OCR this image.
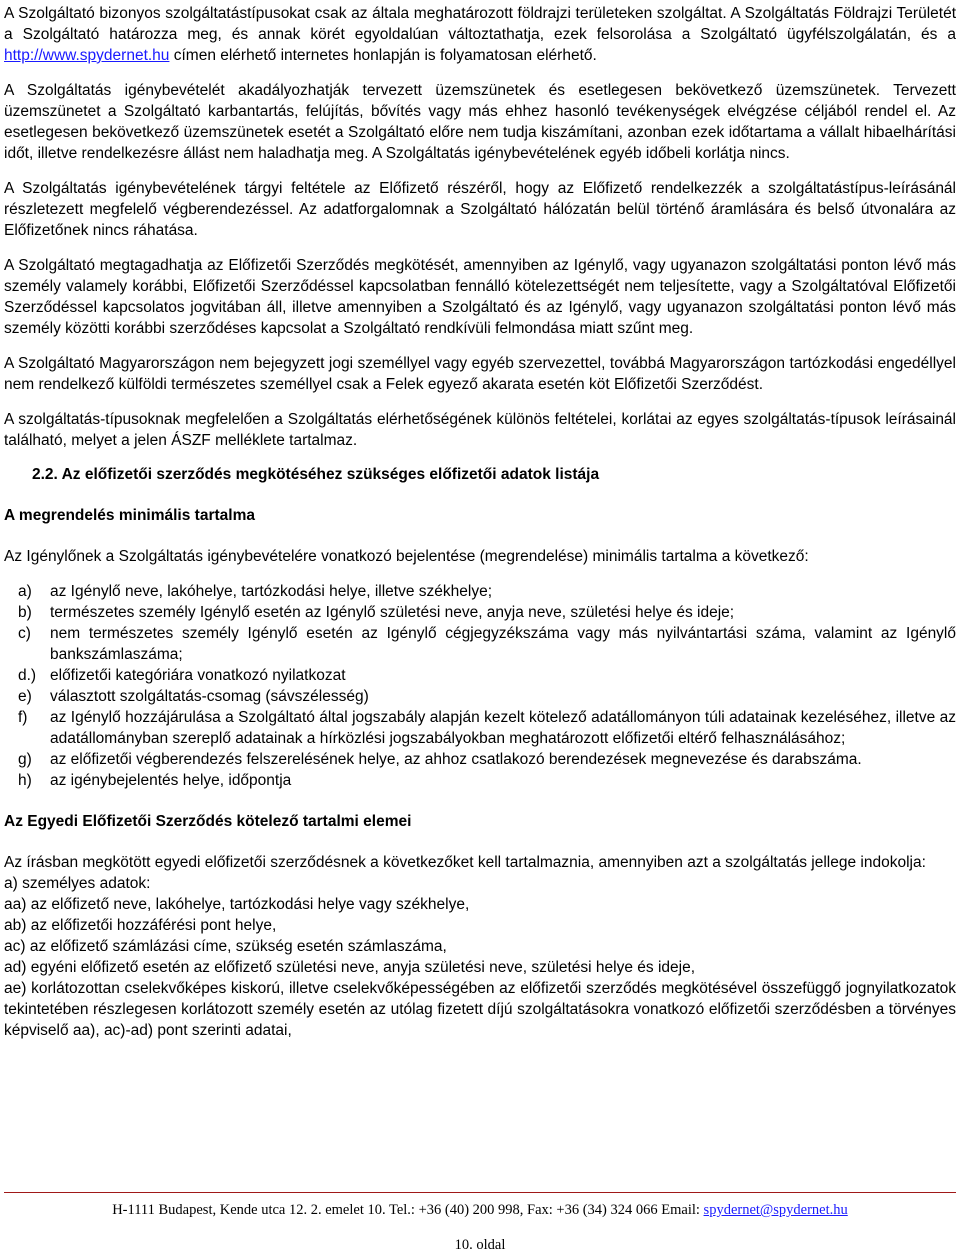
A Szolgáltató bizonyos szolgáltatástípusokat csak az általa meghatározott földrajzi területeken szolgáltat. A Szolgáltatás Földrajzi Területét a Szolgáltató határozza meg, és annak körét egyoldalúan változtathatja, ezek felsorolása a Szolgáltató ügyfélszolgálatán, és a http://www.spydernet.hu címen elérhető internetes honlapján is folyamatosan elérhető.

A Szolgáltatás igénybevételét akadályozhatják tervezett üzemszünetek és esetlegesen bekövetkező üzemszünetek. Tervezett üzemszünetet a Szolgáltató karbantartás, felújítás, bővítés vagy más ehhez hasonló tevékenységek elvégzése céljából rendel el. Az esetlegesen bekövetkező üzemszünetek esetét a Szolgáltató előre nem tudja kiszámítani, azonban ezek időtartama a vállalt hibaelhárítási időt, illetve rendelkezésre állást nem haladhatja meg. A Szolgáltatás igénybevételének egyéb időbeli korlátja nincs.

A Szolgáltatás igénybevételének tárgyi feltétele az Előfizető részéről, hogy az Előfizető rendelkezzék a szolgáltatástípus-leírásánál részletezett megfelelő végberendezéssel. Az adatforgalomnak a Szolgáltató hálózatán belül történő áramlására és belső útvonalára az Előfizetőnek nincs ráhatása.

A Szolgáltató megtagadhatja az Előfizetői Szerződés megkötését, amennyiben az Igénylő, vagy ugyanazon szolgáltatási ponton lévő más személy valamely korábbi, Előfizetői Szerződéssel kapcsolatban fennálló kötelezettségét nem teljesítette, vagy a Szolgáltatóval Előfizetői Szerződéssel kapcsolatos jogvitában áll, illetve amennyiben a Szolgáltató és az Igénylő, vagy ugyanazon szolgáltatási ponton lévő más személy közötti korábbi szerződéses kapcsolat a Szolgáltató rendkívüli felmondása miatt szűnt meg.

A Szolgáltató Magyarországon nem bejegyzett jogi személlyel vagy egyéb szervezettel, továbbá Magyarországon tartózkodási engedéllyel nem rendelkező külföldi természetes személlyel csak a Felek egyező akarata esetén köt Előfizetői Szerződést.

A szolgáltatás-típusoknak megfelelően a Szolgáltatás elérhetőségének különös feltételei, korlátai az egyes szolgáltatás-típusok leírásainál található, melyet a jelen ÁSZF melléklete tartalmaz.

2.2. Az előfizetői szerződés megkötéséhez szükséges előfizetői adatok listája

A megrendelés minimális tartalma

Az Igénylőnek a Szolgáltatás igénybevételére vonatkozó bejelentése (megrendelése) minimális tartalma a következő:

a) az Igénylő neve, lakóhelye, tartózkodási helye, illetve székhelye;
b) természetes személy Igénylő esetén az Igénylő születési neve, anyja neve, születési helye és ideje;
c) nem természetes személy Igénylő esetén az Igénylő cégjegyzékszáma vagy más nyilvántartási száma, valamint az Igénylő bankszámlaszáma;
d.) előfizetői kategóriára vonatkozó nyilatkozat
e) választott szolgáltatás-csomag (sávszélesség)
f) az Igénylő hozzájárulása a Szolgáltató által jogszabály alapján kezelt kötelező adatállományon túli adatainak kezeléséhez, illetve az adatállományban szereplő adatainak a hírközlési jogszabályokban meghatározott előfizetői eltérő felhasználásához;
g) az előfizetői végberendezés felszerelésének helye, az ahhoz csatlakozó berendezések megnevezése és darabszáma.
h) az igénybejelentés helye, időpontja

Az Egyedi Előfizetői Szerződés kötelező tartalmi elemei

Az írásban megkötött egyedi előfizetői szerződésnek a következőket kell tartalmaznia, amennyiben azt a szolgáltatás jellege indokolja:

a) személyes adatok:

aa) az előfizető neve, lakóhelye, tartózkodási helye vagy székhelye,

ab) az előfizetői hozzáférési pont helye,

ac) az előfizető számlázási címe, szükség esetén számlaszáma,

ad) egyéni előfizető esetén az előfizető születési neve, anyja születési neve, születési helye és ideje,

ae) korlátozottan cselekvőképes kiskorú, illetve cselekvőképességében az előfizetői szerződés megkötésével összefüggő jognyilatkozatok tekintetében részlegesen korlátozott személy esetén az utólag fizetett díjú szolgáltatásokra vonatkozó előfizetői szerződésben a törvényes képviselő aa), ac)-ad) pont szerinti adatai,

H-1111 Budapest, Kende utca 12. 2. emelet 10. Tel.: +36 (40) 200 998, Fax: +36 (34) 324 066 Email: spydernet@spydernet.hu
10. oldal
